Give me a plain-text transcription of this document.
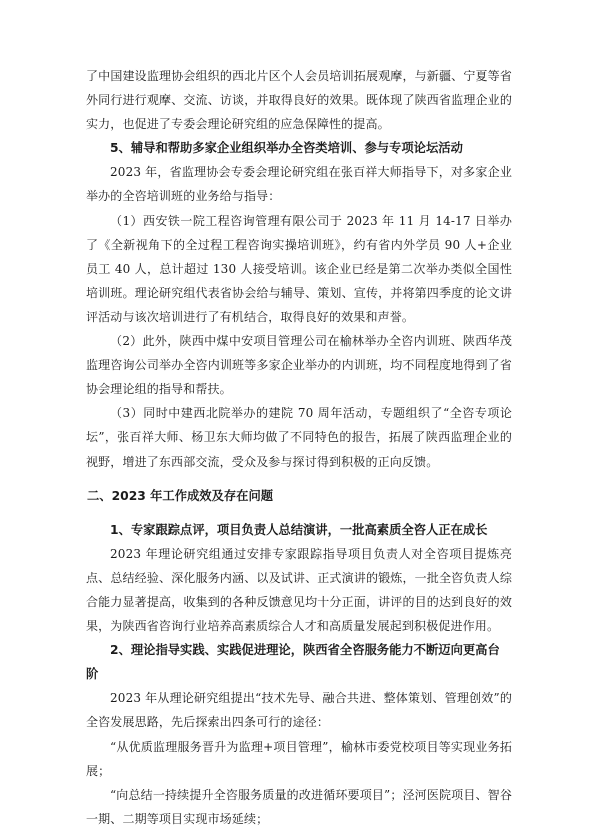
了中国建设监理协会组织的西北片区个人会员培训拓展观摩，与新疆、宁夏等省外同行进行观摩、交流、访谈，并取得良好的效果。既体现了陕西省监理企业的实力，也促进了专委会理论研究组的应急保障性的提高。

5、辅导和帮助多家企业组织举办全咨类培训、参与专项论坛活动

2023 年，省监理协会专委会理论研究组在张百祥大师指导下，对多家企业举办的全咨培训班的业务给与指导：

（1）西安铁一院工程咨询管理有限公司于 2023 年 11 月 14-17 日举办了《全新视角下的全过程工程咨询实操培训班》，约有省内外学员 90 人+企业员工 40 人，总计超过 130 人接受培训。该企业已经是第二次举办类似全国性培训班。理论研究组代表省协会给与辅导、策划、宣传，并将第四季度的论文讲评活动与该次培训进行了有机结合，取得良好的效果和声誉。

（2）此外，陕西中煤中安项目管理公司在榆林举办全咨内训班、陕西华茂监理咨询公司举办全咨内训班等多家企业举办的内训班，均不同程度地得到了省协会理论组的指导和帮扶。

（3）同时中建西北院举办的建院 70 周年活动，专题组织了“全咨专项论坛”，张百祥大师、杨卫东大师均做了不同特色的报告，拓展了陕西监理企业的视野，增进了东西部交流，受众及参与探讨得到积极的正向反馈。

二、2023 年工作成效及存在问题

1、专家跟踪点评，项目负责人总结演讲，一批高素质全咨人正在成长

2023 年理论研究组通过安排专家跟踪指导项目负责人对全咨项目提炼亮点、总结经验、深化服务内涵、以及试讲、正式演讲的锻炼，一批全咨负责人综合能力显著提高，收集到的各种反馈意见均十分正面，讲评的目的达到良好的效果，为陕西省咨询行业培养高素质综合人才和高质量发展起到积极促进作用。

2、理论指导实践、实践促进理论，陕西省全咨服务能力不断迈向更高台阶

2023 年从理论研究组提出“技术先导、融合共进、整体策划、管理创效”的全咨发展思路，先后探索出四条可行的途径：

“从优质监理服务晋升为监理+项目管理”，榆林市委党校项目等实现业务拓展；

“向总结一持续提升全咨服务质量的改进循环要项目”；泾河医院项目、智谷一期、二期等项目实现市场延续；
